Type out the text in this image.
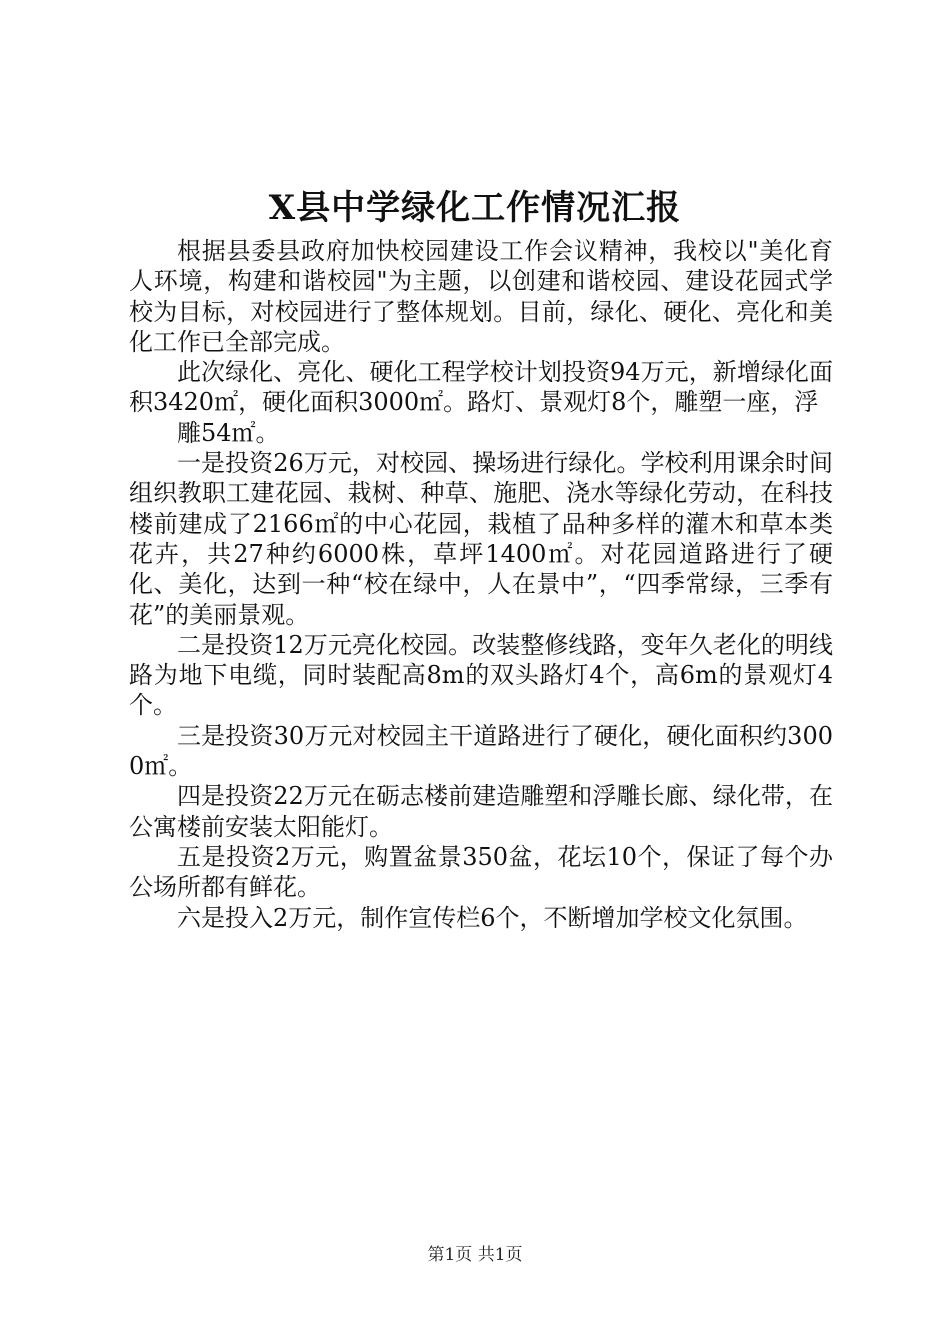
X县中学绿化工作情况汇报

根据县委县政府加快校园建设工作会议精神，我校以"美化育人环境，构建和谐校园"为主题，以创建和谐校园、建设花园式学校为目标，对校园进行了整体规划。目前，绿化、硬化、亮化和美化工作已全部完成。

此次绿化、亮化、硬化工程学校计划投资94万元，新增绿化面积3420㎡，硬化面积3000㎡。路灯、景观灯8个，雕塑一座，浮

雕54㎡。

一是投资26万元，对校园、操场进行绿化。学校利用课余时间组织教职工建花园、栽树、种草、施肥、浇水等绿化劳动，在科技楼前建成了2166㎡的中心花园，栽植了品种多样的灌木和草本类花卉，共27种约6000株，草坪1400㎡。对花园道路进行了硬化、美化，达到一种“校在绿中，人在景中”，“四季常绿，三季有花”的美丽景观。

二是投资12万元亮化校园。改装整修线路，变年久老化的明线路为地下电缆，同时装配高8m的双头路灯4个，高6m的景观灯4个。

三是投资30万元对校园主干道路进行了硬化，硬化面积约3000㎡。

四是投资22万元在砺志楼前建造雕塑和浮雕长廊、绿化带，在公寓楼前安装太阳能灯。

五是投资2万元，购置盆景350盆，花坛10个，保证了每个办公场所都有鲜花。

六是投入2万元，制作宣传栏6个，不断增加学校文化氛围。

第1页 共1页
